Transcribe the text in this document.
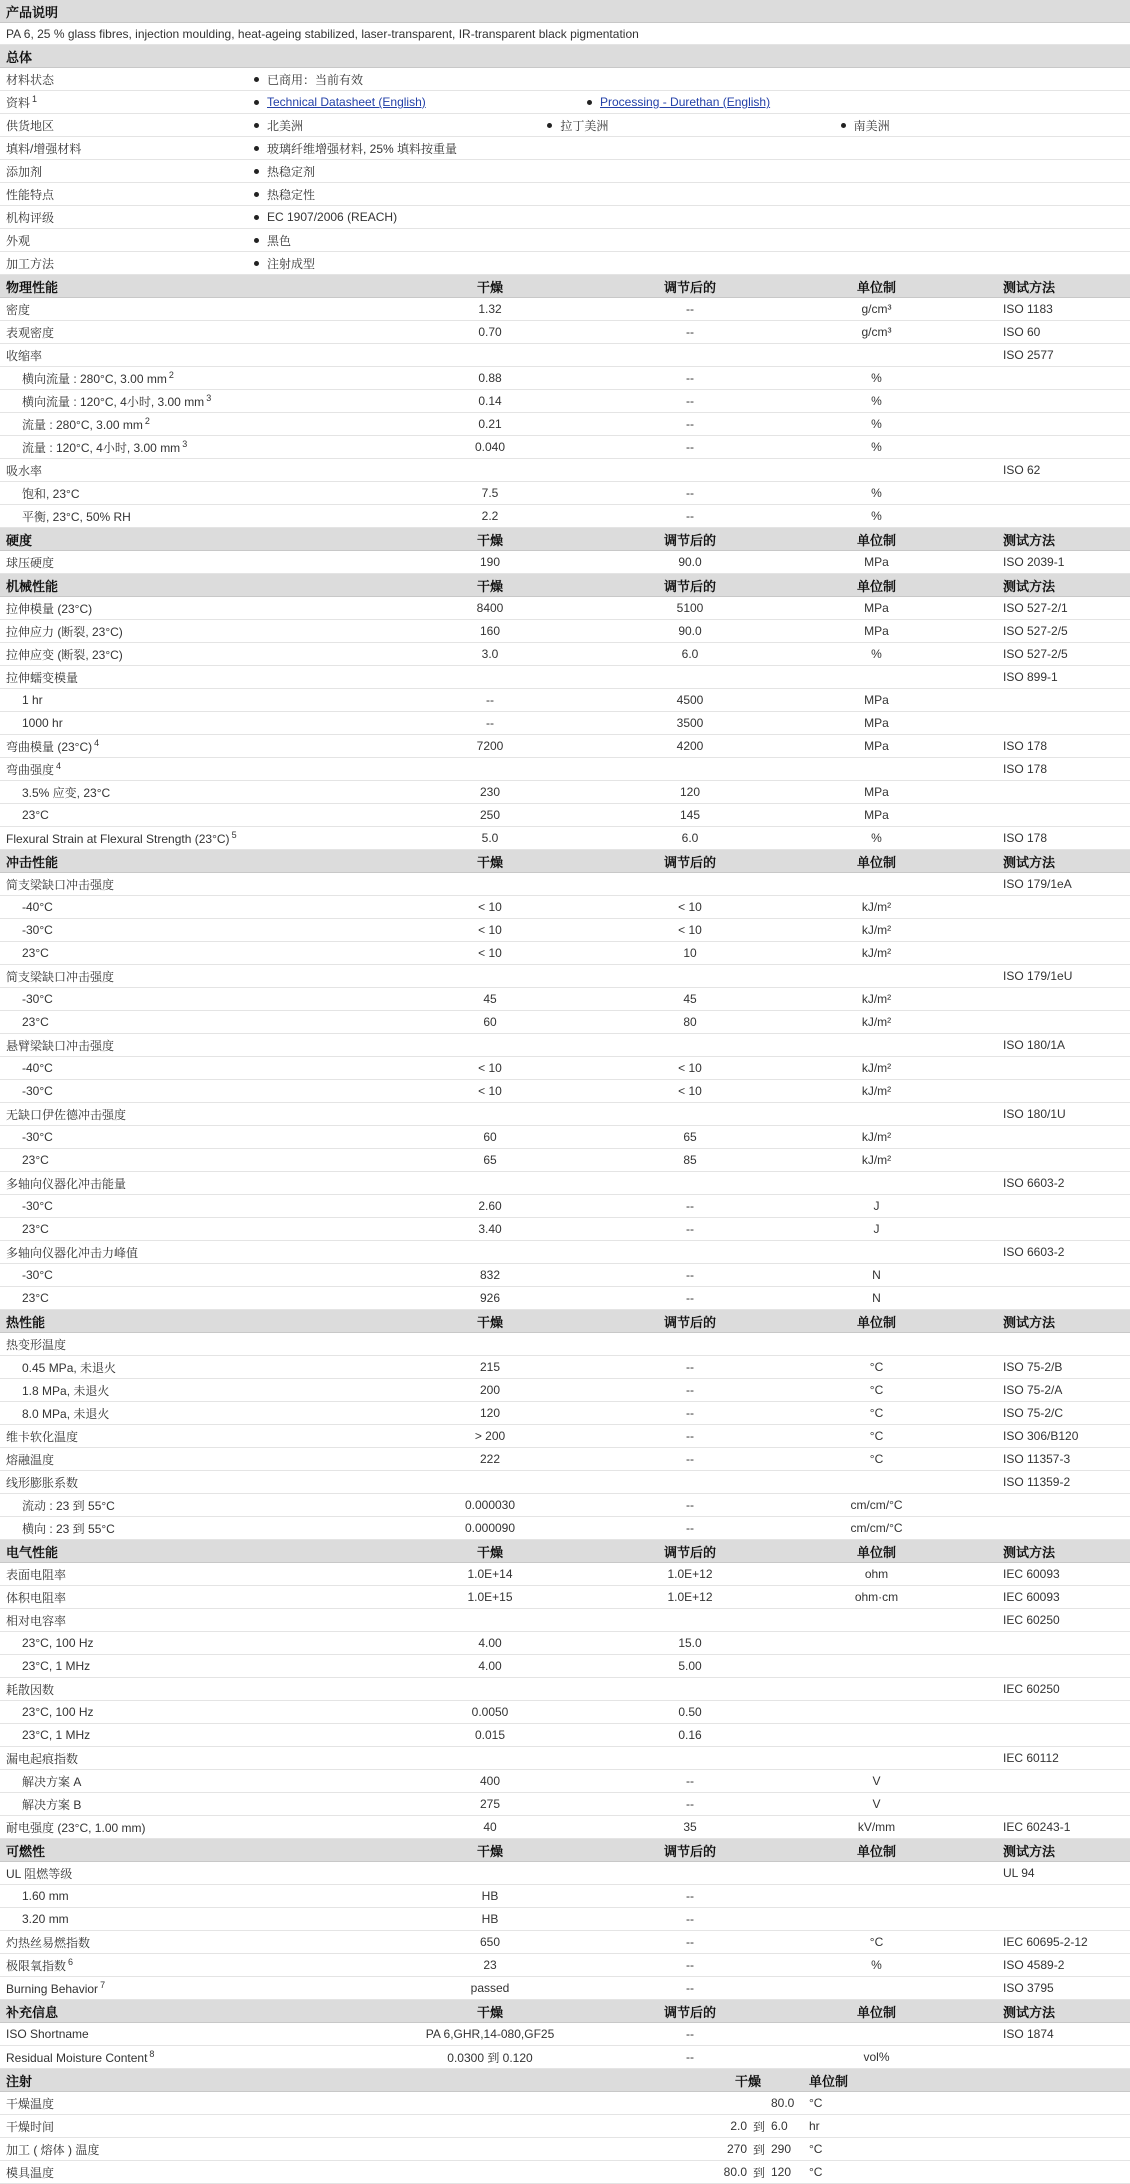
产品说明
PA 6, 25 % glass fibres, injection moulding, heat-ageing stabilized, laser-transparent, IR-transparent black pigmentation
总体
材料状态	已商用：当前有效
资料 $^1$	Technical Datasheet (English)	Processing - Durethan (English)
供货地区	北美洲	拉丁美洲	南美洲
填料/增强材料	玻璃纤维增强材料, 25% 填料按重量
添加剂	热稳定剂
性能特点	热稳定性
机构评级	EC 1907/2006 (REACH)
外观	黑色
加工方法	注射成型
物理性能	干燥	调节后的	单位制	测试方法
密度	1.32	--	g/cm³	ISO 1183
表观密度	0.70	--	g/cm³	ISO 60
收缩率	ISO 2577
横向流量 : 280°C, 3.00 mm $^2$	0.88	--	%
横向流量 : 120°C, 4小时, 3.00 mm $^3$	0.14	--	%
流量 : 280°C, 3.00 mm $^2$	0.21	--	%
流量 : 120°C, 4小时, 3.00 mm $^3$	0.040	--	%
吸水率	ISO 62
饱和, 23°C	7.5	--	%
平衡, 23°C, 50% RH	2.2	--	%
硬度	干燥	调节后的	单位制	测试方法
球压硬度	190	90.0	MPa	ISO 2039-1
机械性能	干燥	调节后的	单位制	测试方法
拉伸模量 (23°C)	8400	5100	MPa	ISO 527-2/1
拉伸应力 (断裂, 23°C)	160	90.0	MPa	ISO 527-2/5
拉伸应变 (断裂, 23°C)	3.0	6.0	%	ISO 527-2/5
拉伸蠕变模量	ISO 899-1
1 hr	--	4500	MPa
1000 hr	--	3500	MPa
弯曲模量 (23°C) $^4$	7200	4200	MPa	ISO 178
弯曲强度 $^4$	ISO 178
3.5% 应变, 23°C	230	120	MPa
23°C	250	145	MPa
Flexural Strain at Flexural Strength (23°C) $^5$	5.0	6.0	%	ISO 178
冲击性能	干燥	调节后的	单位制	测试方法
简支梁缺口冲击强度	ISO 179/1eA
-40°C	< 10	< 10	kJ/m²
-30°C	< 10	< 10	kJ/m²
23°C	< 10	10	kJ/m²
简支梁缺口冲击强度	ISO 179/1eU
-30°C	45	45	kJ/m²
23°C	60	80	kJ/m²
悬臂梁缺口冲击强度	ISO 180/1A
-40°C	< 10	< 10	kJ/m²
-30°C	< 10	< 10	kJ/m²
无缺口伊佐德冲击强度	ISO 180/1U
-30°C	60	65	kJ/m²
23°C	65	85	kJ/m²
多轴向仪器化冲击能量	ISO 6603-2
-30°C	2.60	--	J
23°C	3.40	--	J
多轴向仪器化冲击力峰值	ISO 6603-2
-30°C	832	--	N
23°C	926	--	N
热性能	干燥	调节后的	单位制	测试方法
热变形温度
0.45 MPa, 未退火	215	--	°C	ISO 75-2/B
1.8 MPa, 未退火	200	--	°C	ISO 75-2/A
8.0 MPa, 未退火	120	--	°C	ISO 75-2/C
维卡软化温度	> 200	--	°C	ISO 306/B120
熔融温度	222	--	°C	ISO 11357-3
线形膨胀系数	ISO 11359-2
流动 : 23 到 55°C	0.000030	--	cm/cm/°C
横向 : 23 到 55°C	0.000090	--	cm/cm/°C
电气性能	干燥	调节后的	单位制	测试方法
表面电阻率	1.0E+14	1.0E+12	ohm	IEC 60093
体积电阻率	1.0E+15	1.0E+12	ohm·cm	IEC 60093
相对电容率	IEC 60250
23°C, 100 Hz	4.00	15.0
23°C, 1 MHz	4.00	5.00
耗散因数	IEC 60250
23°C, 100 Hz	0.0050	0.50
23°C, 1 MHz	0.015	0.16
漏电起痕指数	IEC 60112
解决方案 A	400	--	V
解决方案 B	275	--	V
耐电强度 (23°C, 1.00 mm)	40	35	kV/mm	IEC 60243-1
可燃性	干燥	调节后的	单位制	测试方法
UL 阻燃等级	UL 94
1.60 mm	HB	--
3.20 mm	HB	--
灼热丝易燃指数	650	--	°C	IEC 60695-2-12
极限氧指数 $^6$	23	--	%	ISO 4589-2
Burning Behavior $^7$	passed	--	ISO 3795
补充信息	干燥	调节后的	单位制	测试方法
ISO Shortname	PA 6,GHR,14-080,GF25	--	ISO 1874
Residual Moisture Content $^8$	0.0300 到 0.120	--	vol%
注射	干燥	单位制
干燥温度	80.0	°C
干燥时间	2.0 到 6.0	hr
加工 ( 熔体 ) 温度	270 到 290	°C
模具温度	80.0 到 120	°C
